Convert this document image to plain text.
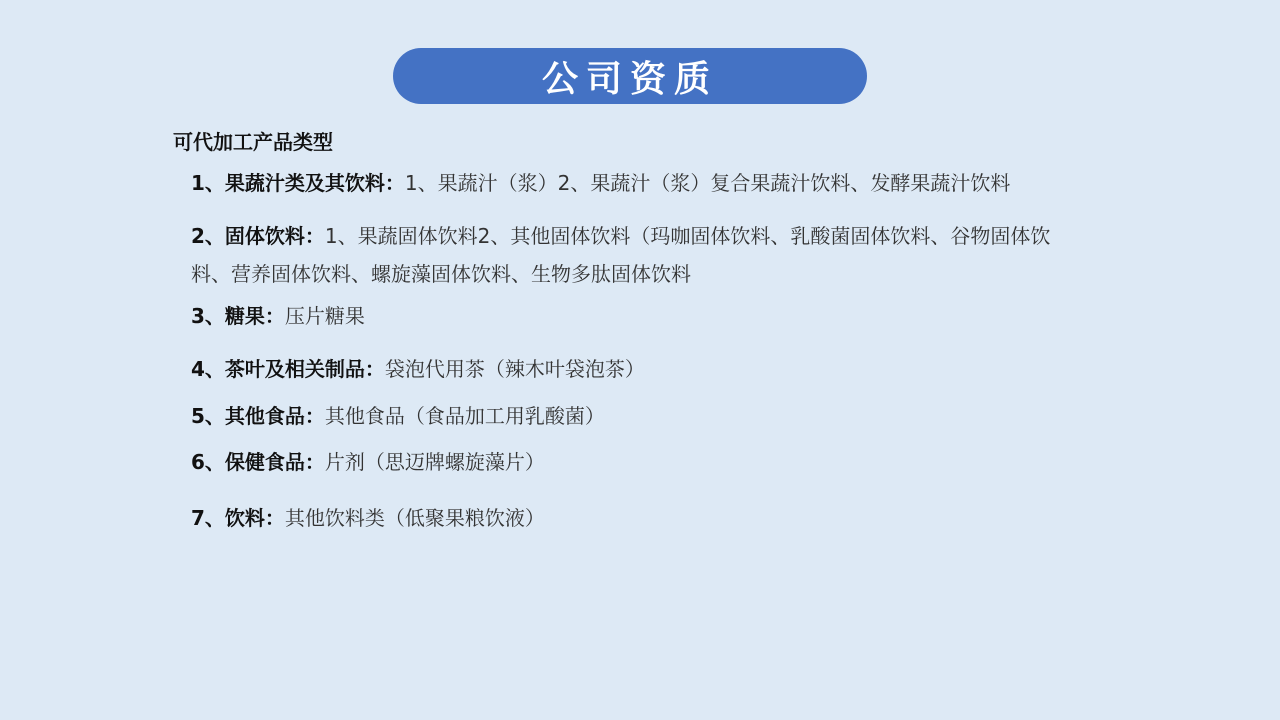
公司资质
可代加工产品类型
1、果蔬汁类及其饮料：1、果蔬汁（浆）2、果蔬汁（浆）复合果蔬汁饮料、发酵果蔬汁饮料
2、固体饮料：1、果蔬固体饮料2、其他固体饮料（玛咖固体饮料、乳酸菌固体饮料、谷物固体饮料、营养固体饮料、螺旋藻固体饮料、生物多肽固体饮料
3、糖果：压片糖果
4、茶叶及相关制品：袋泡代用茶（辣木叶袋泡茶）
5、其他食品：其他食品（食品加工用乳酸菌）
6、保健食品：片剂（思迈牌螺旋藻片）
7、饮料：其他饮料类（低聚果粮饮液）
